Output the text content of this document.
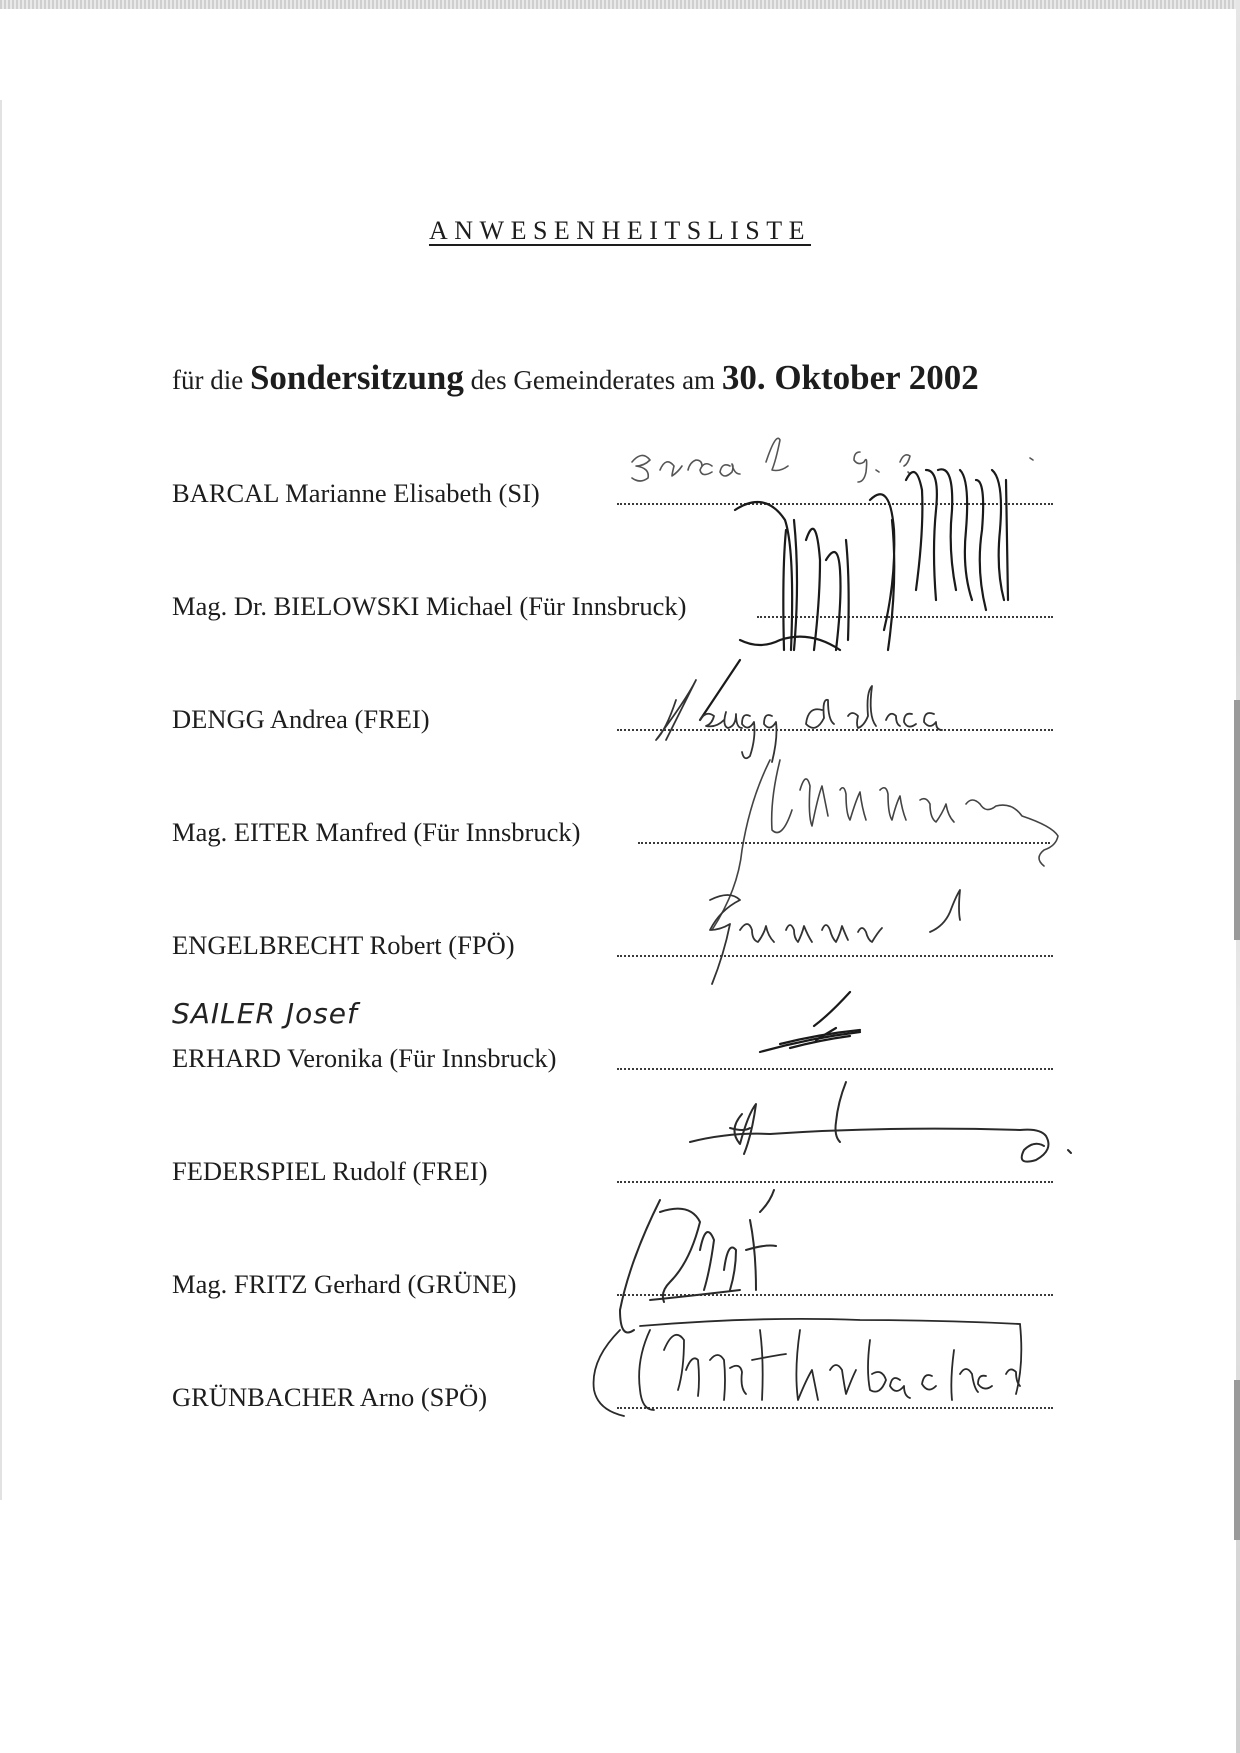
ANWESENHEITSLISTE
für die Sondersitzung des Gemeinderates am 30. Oktober 2002
BARCAL Marianne Elisabeth (SI)
Mag. Dr. BIELOWSKI Michael (Für Innsbruck)
DENGG Andrea (FREI)
Mag. EITER Manfred (Für Innsbruck)
ENGELBRECHT Robert (FPÖ)
SAILER Josef
ERHARD Veronika (Für Innsbruck)
FEDERSPIEL Rudolf (FREI)
Mag. FRITZ Gerhard (GRÜNE)
GRÜNBACHER Arno (SPÖ)
